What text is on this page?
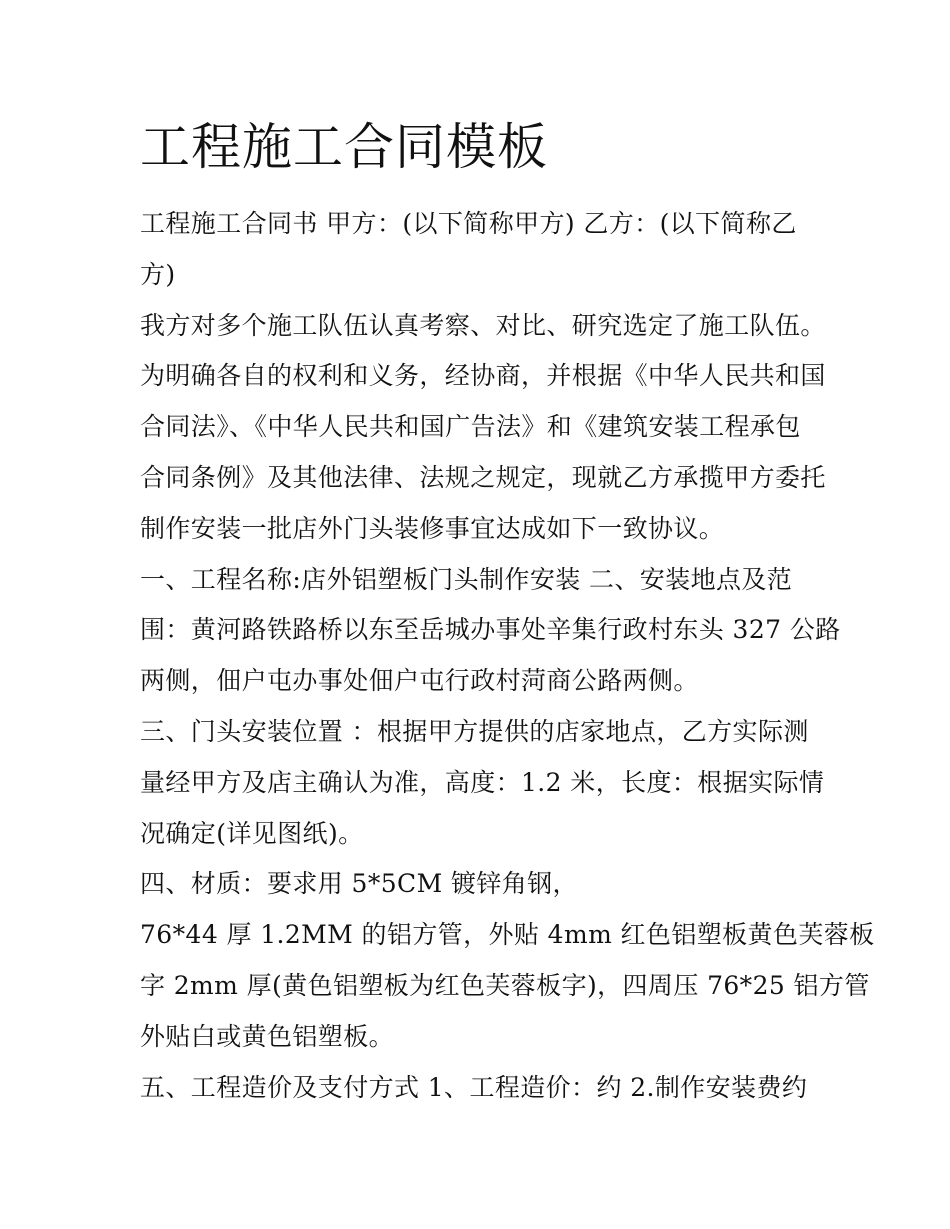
工程施工合同模板
工程施工合同书 甲方：(以下简称甲方) 乙方：(以下简称乙
方)
我方对多个施工队伍认真考察、对比、研究选定了施工队伍。
为明确各自的权利和义务，经协商，并根据《中华人民共和国
合同法》、《中华人民共和国广告法》和《建筑安装工程承包
合同条例》及其他法律、法规之规定，现就乙方承揽甲方委托
制作安装一批店外门头装修事宜达成如下一致协议。
一、工程名称:店外铝塑板门头制作安装 二、安装地点及范
围：黄河路铁路桥以东至岳城办事处辛集行政村东头 327 公路
两侧，佃户屯办事处佃户屯行政村菏商公路两侧。
三、门头安装位置 ：根据甲方提供的店家地点，乙方实际测
量经甲方及店主确认为准，高度：1.2 米，长度：根据实际情
况确定(详见图纸)。
四、材质：要求用 5*5CM 镀锌角钢，
76*44 厚 1.2MM 的铝方管，外贴 4mm 红色铝塑板黄色芙蓉板
字 2mm 厚(黄色铝塑板为红色芙蓉板字)，四周压 76*25 铝方管
外贴白或黄色铝塑板。
五、工程造价及支付方式 1、工程造价：约 2.制作安装费约
